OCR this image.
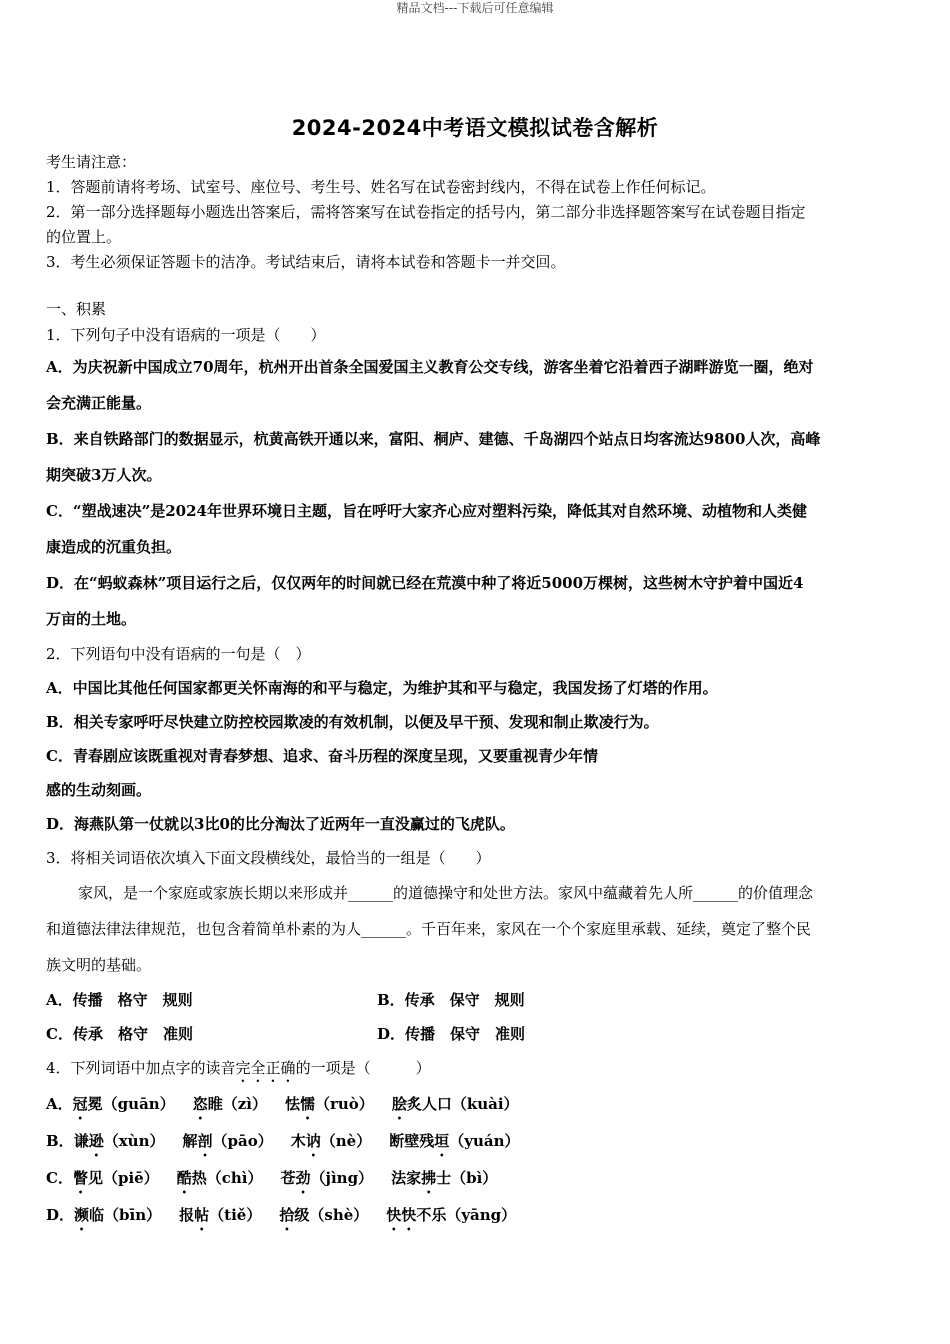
精品文档---下载后可任意编辑
2024-2024中考语文模拟试卷含解析
考生请注意：
1．答题前请将考场、试室号、座位号、考生号、姓名写在试卷密封线内，不得在试卷上作任何标记。
2．第一部分选择题每小题选出答案后，需将答案写在试卷指定的括号内，第二部分非选择题答案写在试卷题目指定
的位置上。
3．考生必须保证答题卡的洁净。考试结束后，请将本试卷和答题卡一并交回。
一、积累
1．下列句子中没有语病的一项是（　　）
A．为庆祝新中国成立70周年，杭州开出首条全国爱国主义教育公交专线，游客坐着它沿着西子湖畔游览一圈，绝对
会充满正能量。
B．来自铁路部门的数据显示，杭黄高铁开通以来，富阳、桐庐、建德、千岛湖四个站点日均客流达9800人次，高峰
期突破3万人次。
C．“塑战速决”是2024年世界环境日主题，旨在呼吁大家齐心应对塑料污染，降低其对自然环境、动植物和人类健
康造成的沉重负担。
D．在“蚂蚁森林”项目运行之后，仅仅两年的时间就已经在荒漠中种了将近5000万棵树，这些树木守护着中国近4
万亩的土地。
2．下列语句中没有语病的一句是（　）
A．中国比其他任何国家都更关怀南海的和平与稳定，为维护其和平与稳定，我国发扬了灯塔的作用。
B．相关专家呼吁尽快建立防控校园欺凌的有效机制，以便及早干预、发现和制止欺凌行为。
C．青春剧应该既重视对青春梦想、追求、奋斗历程的深度呈现，又要重视青少年情
感的生动刻画。
D．海燕队第一仗就以3比0的比分淘汰了近两年一直没赢过的飞虎队。
3．将相关词语依次填入下面文段横线处，最恰当的一组是（　　）
家风，是一个家庭或家族长期以来形成并______的道德操守和处世方法。家风中蕴藏着先人所______的价值理念
和道德法律法律规范，也包含着简单朴素的为人______。千百年来，家风在一个个家庭里承载、延续，奠定了整个民
族文明的基础。
A．传播　格守　规则	B．传承　保守　规则
C．传承　格守　准则	D．传播　保守　准则
4．下列词语中加点字的读音完全正确的一项是（　　　）
A． 冠冕（guān） 恣睢（zì） 怯懦（ruò） 脍炙人口（kuài）
B． 谦逊（xùn） 解剖（pāo） 木讷（nè） 断壁残垣（yuán）
C． 瞥见（piē） 酷热（chì） 苍劲（jìng） 法家拂士（bì）
D． 濒临（bīn） 报帖（tiě） 拾级（shè） 快快不乐（yāng）
